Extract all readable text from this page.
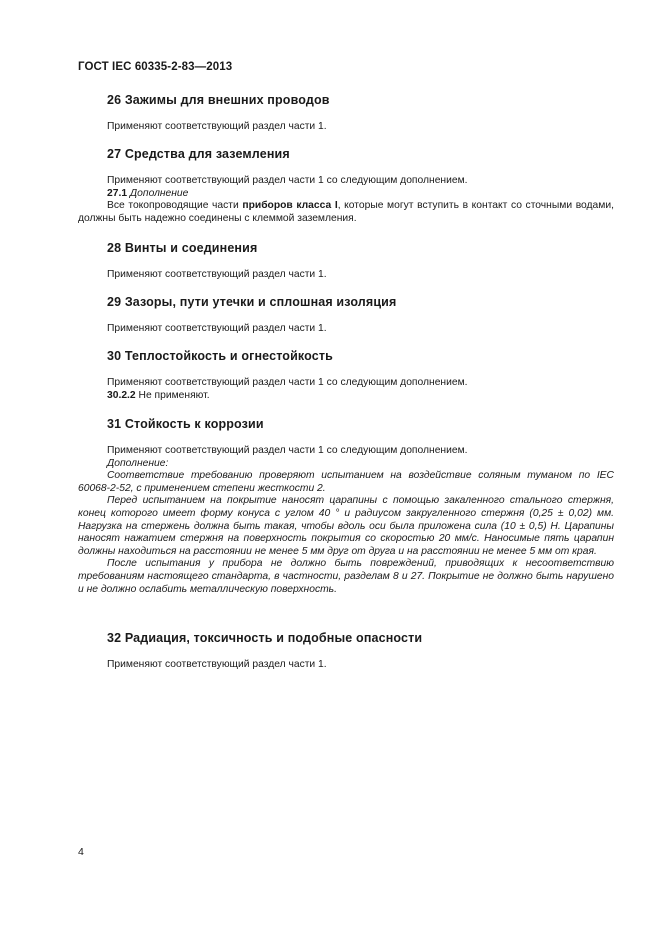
ГОСТ IEC 60335-2-83—2013
26 Зажимы для внешних проводов

Применяют соответствующий раздел части 1.

27 Средства для заземления

Применяют соответствующий раздел части 1 со следующим дополнением.

27.1 Дополнение

Все токопроводящие части приборов класса I, которые могут вступить в контакт со сточными водами, должны быть надежно соединены с клеммой заземления.

28 Винты и соединения

Применяют соответствующий раздел части 1.

29 Зазоры, пути утечки и сплошная изоляция

Применяют соответствующий раздел части 1.

30 Теплостойкость и огнестойкость

Применяют соответствующий раздел части 1 со следующим дополнением.

30.2.2 Не применяют.

31 Стойкость к коррозии

Применяют соответствующий раздел части 1 со следующим дополнением.

Дополнение:

Соответствие требованию проверяют испытанием на воздействие соляным туманом по IEC 60068-2-52, с применением степени жесткости 2.

Перед испытанием на покрытие наносят царапины с помощью закаленного стального стержня, конец которого имеет форму конуса с углом 40 ° и радиусом закругленного стержня (0,25 ± 0,02) мм. Нагрузка на стержень должна быть такая, чтобы вдоль оси была приложена сила (10 ± 0,5) Н. Царапины наносят нажатием стержня на поверхность покрытия со скоростью 20 мм/с. Наносимые пять царапин должны находиться на расстоянии не менее 5 мм друг от друга и на расстоянии не менее 5 мм от края.

После испытания у прибора не должно быть повреждений, приводящих к несоответствию требованиям настоящего стандарта, в частности, разделам 8 и 27. Покрытие не должно быть нарушено и не должно ослабить металлическую поверхность.

32 Радиация, токсичность и подобные опасности

Применяют соответствующий раздел части 1.

4
